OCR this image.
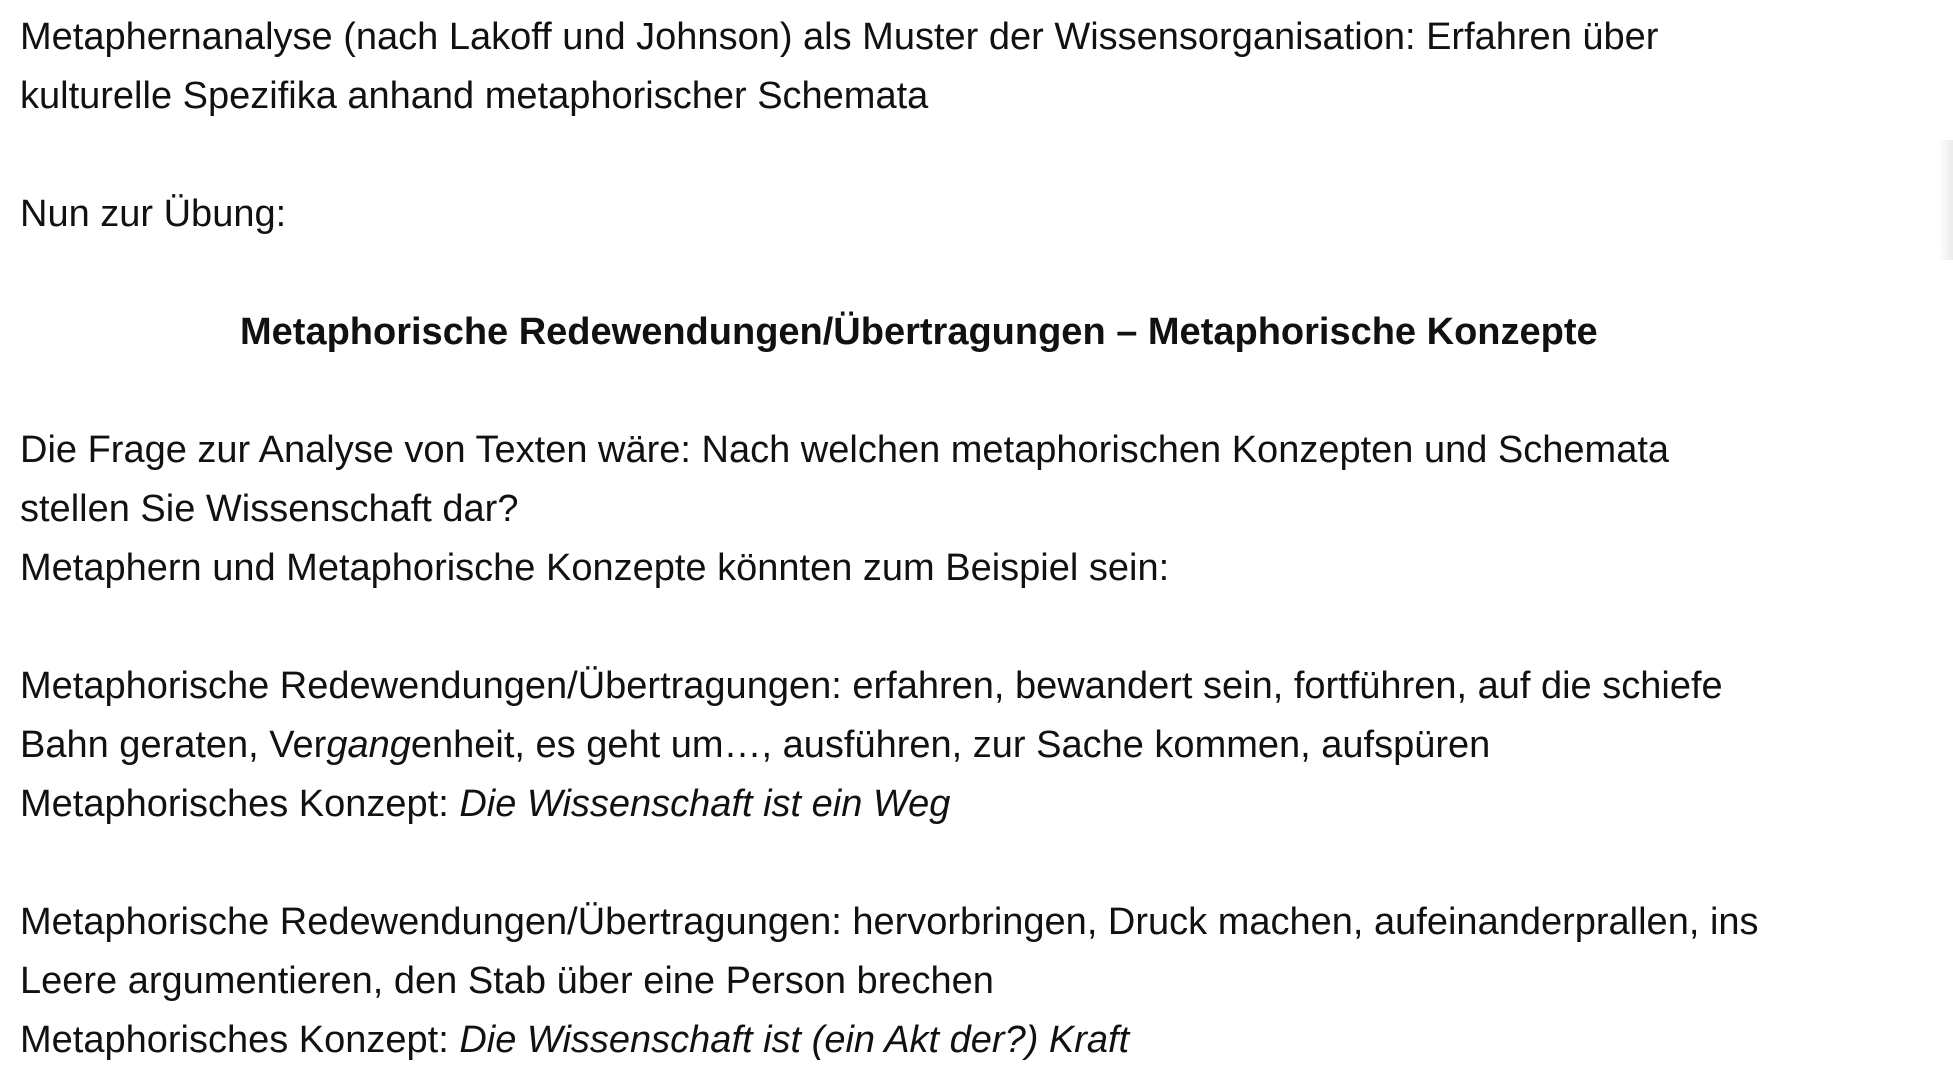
Metaphernanalyse (nach Lakoff und Johnson) als Muster der Wissensorganisation: Erfahren über

kulturelle Spezifika anhand metaphorischer Schemata

Nun zur Übung:

Metaphorische Redewendungen/Übertragungen – Metaphorische Konzepte

Die Frage zur Analyse von Texten wäre: Nach welchen metaphorischen Konzepten und Schemata

stellen Sie Wissenschaft dar?

Metaphern und Metaphorische Konzepte könnten zum Beispiel sein:

Metaphorische Redewendungen/Übertragungen: erfahren, bewandert sein, fortführen, auf die schiefe

Bahn geraten, Vergangenheit, es geht um…, ausführen, zur Sache kommen, aufspüren

Metaphorisches Konzept: Die Wissenschaft ist ein Weg

Metaphorische Redewendungen/Übertragungen: hervorbringen, Druck machen, aufeinanderprallen, ins

Leere argumentieren, den Stab über eine Person brechen

Metaphorisches Konzept: Die Wissenschaft ist (ein Akt der?) Kraft
